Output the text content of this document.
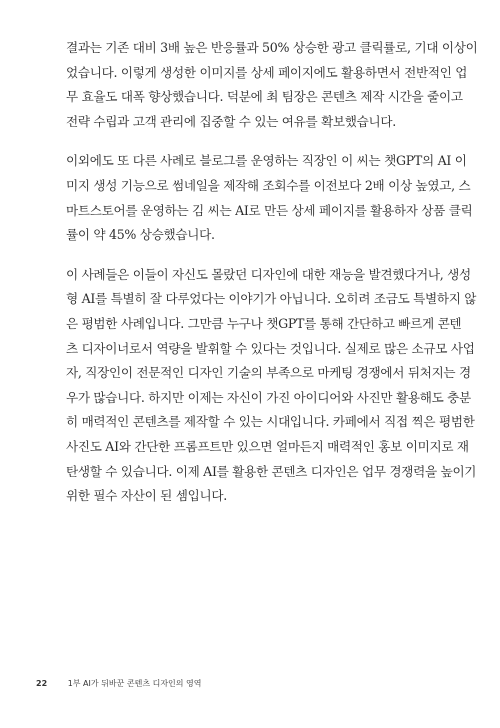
결과는 기존 대비 3배 높은 반응률과 50% 상승한 광고 클릭률로, 기대 이상이
었습니다. 이렇게 생성한 이미지를 상세 페이지에도 활용하면서 전반적인 업
무 효율도 대폭 향상했습니다. 덕분에 최 팀장은 콘텐츠 제작 시간을 줄이고
전략 수립과 고객 관리에 집중할 수 있는 여유를 확보했습니다.

이외에도 또 다른 사례로 블로그를 운영하는 직장인 이 씨는 챗GPT의 AI 이
미지 생성 기능으로 썸네일을 제작해 조회수를 이전보다 2배 이상 높였고, 스
마트스토어를 운영하는 김 씨는 AI로 만든 상세 페이지를 활용하자 상품 클릭
률이 약 45% 상승했습니다.

이 사례들은 이들이 자신도 몰랐던 디자인에 대한 재능을 발견했다거나, 생성
형 AI를 특별히 잘 다루었다는 이야기가 아닙니다. 오히려 조금도 특별하지 않
은 평범한 사례입니다. 그만큼 누구나 챗GPT를 통해 간단하고 빠르게 콘텐
츠 디자이너로서 역량을 발휘할 수 있다는 것입니다. 실제로 많은 소규모 사업
자, 직장인이 전문적인 디자인 기술의 부족으로 마케팅 경쟁에서 뒤처지는 경
우가 많습니다. 하지만 이제는 자신이 가진 아이디어와 사진만 활용해도 충분
히 매력적인 콘텐츠를 제작할 수 있는 시대입니다. 카페에서 직접 찍은 평범한
사진도 AI와 간단한 프롬프트만 있으면 얼마든지 매력적인 홍보 이미지로 재
탄생할 수 있습니다. 이제 AI를 활용한 콘텐츠 디자인은 업무 경쟁력을 높이기
위한 필수 자산이 된 셈입니다.

22	1부 AI가 뒤바꾼 콘텐츠 디자인의 영역
